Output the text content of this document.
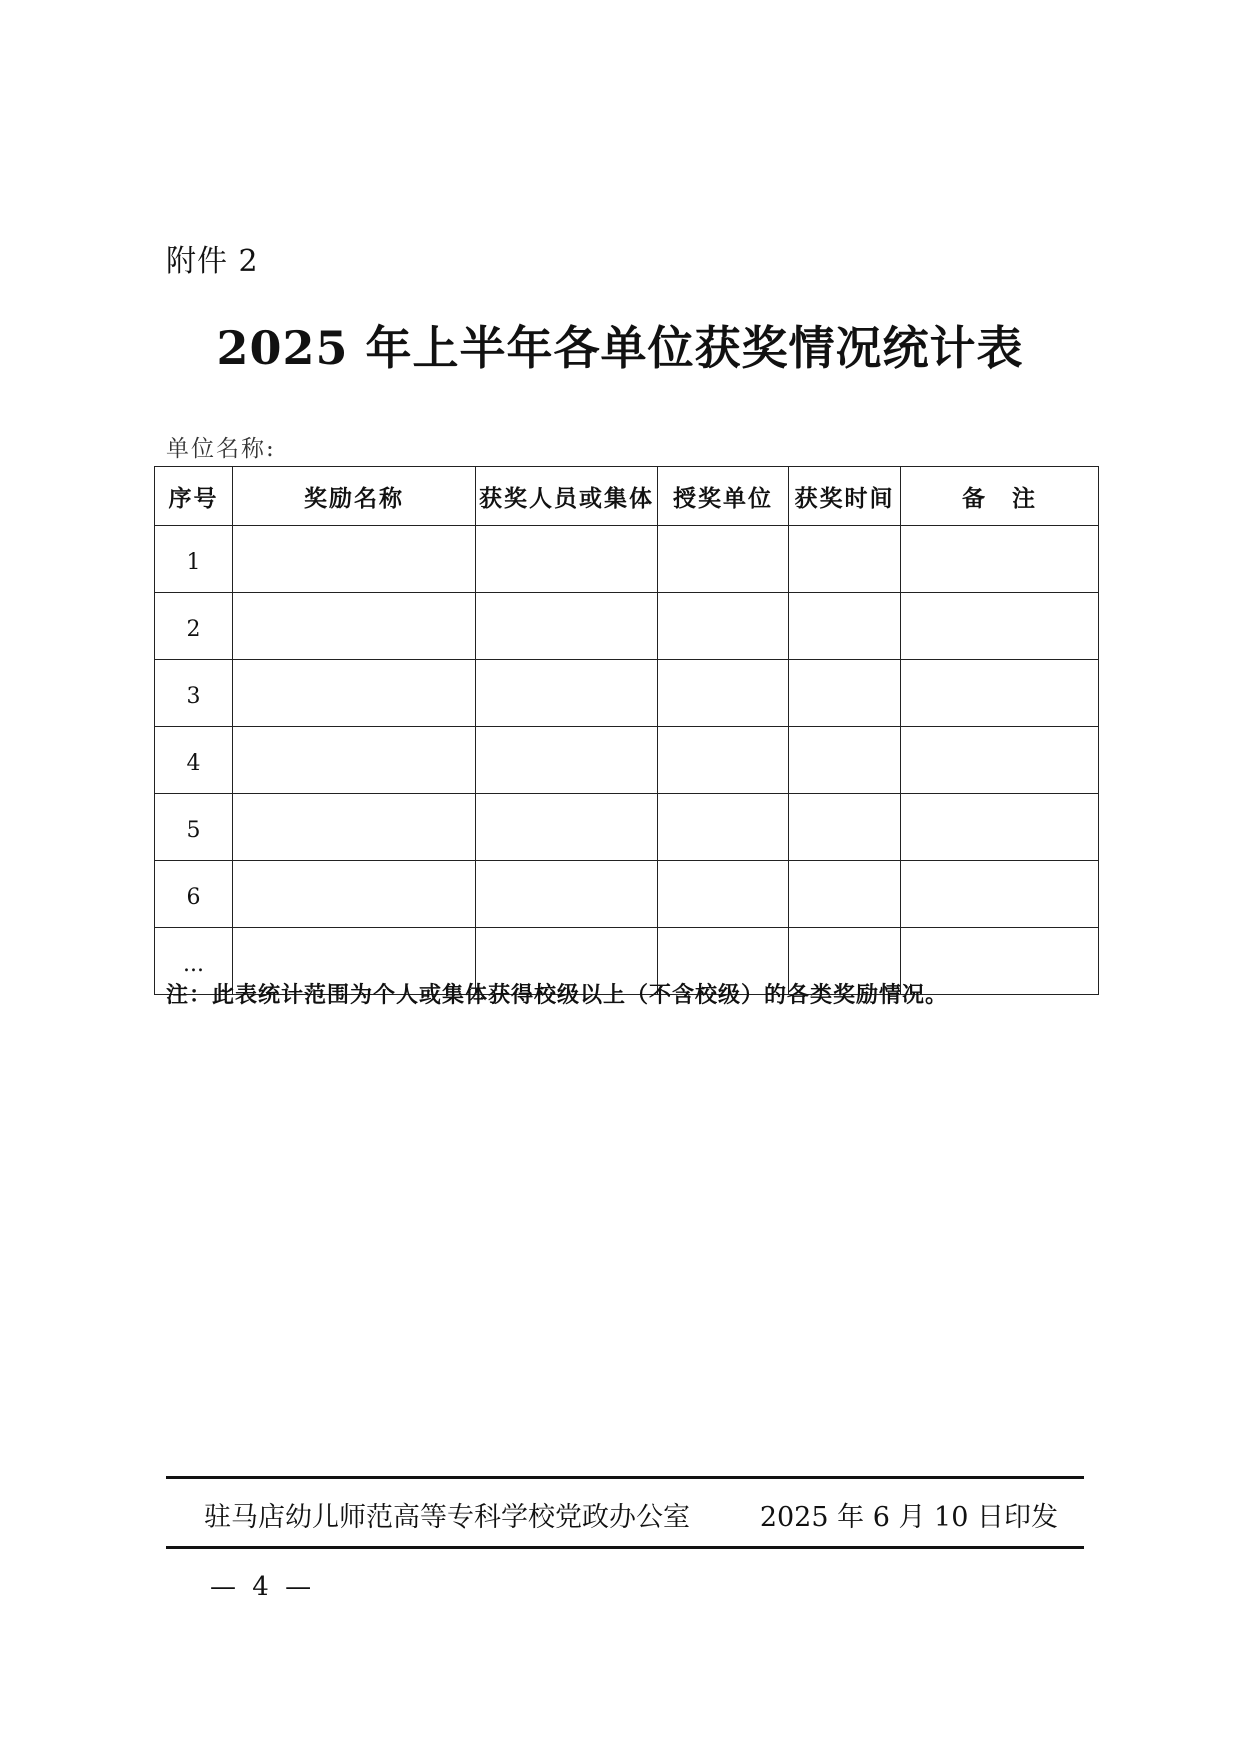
附件 2
2025 年上半年各单位获奖情况统计表
单位名称:
序号	奖励名称	获奖人员或集体	授奖单位	获奖时间	备　注
1					
2					
3					
4					
5					
6					
...					
注：此表统计范围为个人或集体获得校级以上（不含校级）的各类奖励情况。
驻马店幼儿师范高等专科学校党政办公室	2025 年 6 月 10 日印发
— 4 —
